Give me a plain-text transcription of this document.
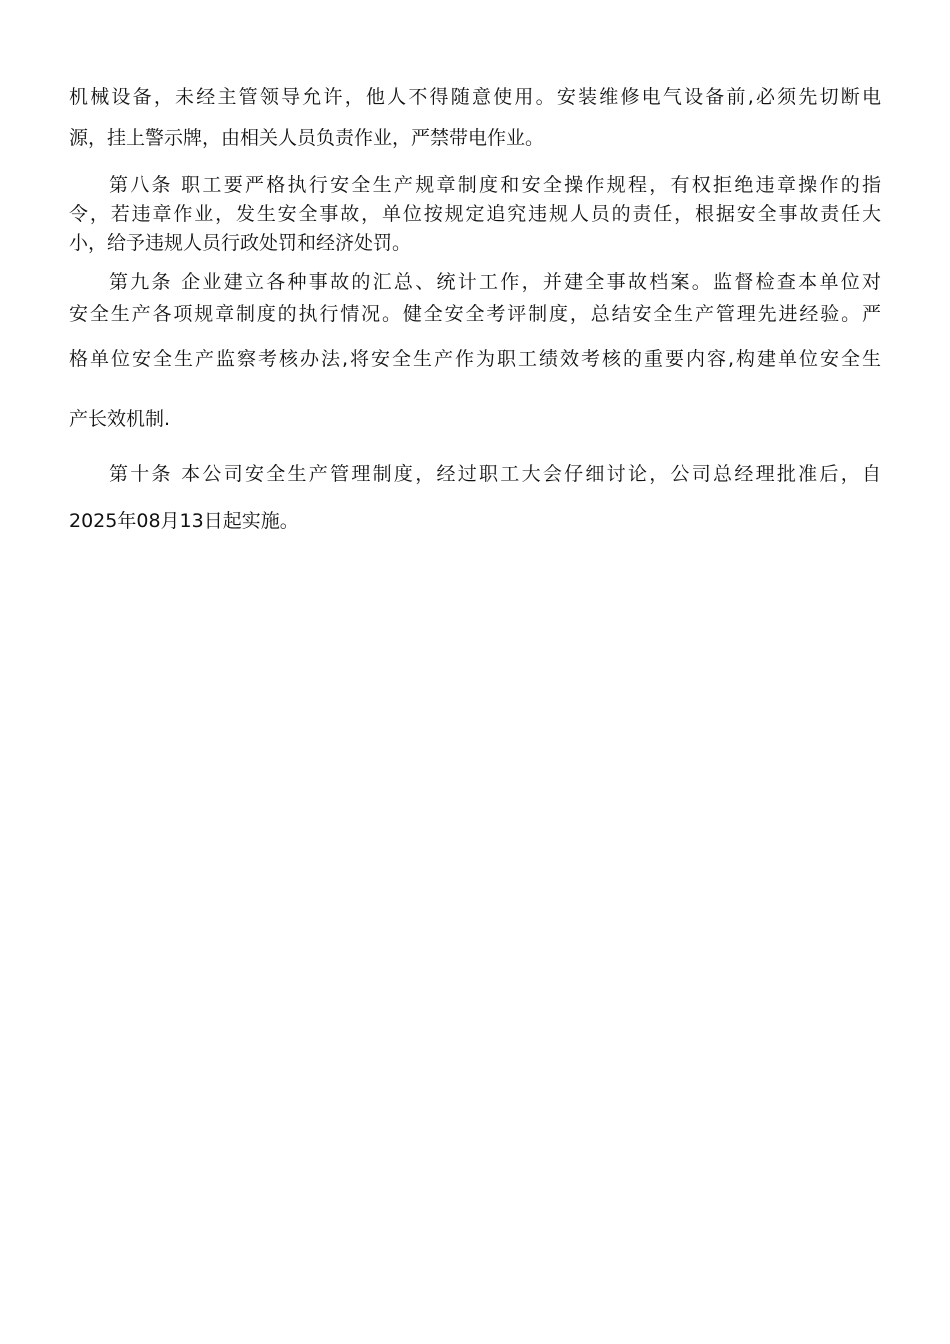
机械设备，未经主管领导允许，他人不得随意使用。安装维修电气设备前,必须先切断电
源，挂上警示牌，由相关人员负责作业，严禁带电作业。
第八条 职工要严格执行安全生产规章制度和安全操作规程，有权拒绝违章操作的指
令，若违章作业，发生安全事故，单位按规定追究违规人员的责任，根据安全事故责任大
小，给予违规人员行政处罚和经济处罚。
第九条 企业建立各种事故的汇总、统计工作，并建全事故档案。监督检查本单位对
安全生产各项规章制度的执行情况。健全安全考评制度，总结安全生产管理先进经验。严
格单位安全生产监察考核办法,将安全生产作为职工绩效考核的重要内容,构建单位安全生
产长效机制.
第十条 本公司安全生产管理制度，经过职工大会仔细讨论，公司总经理批准后，自
2025年08月13日起实施。
